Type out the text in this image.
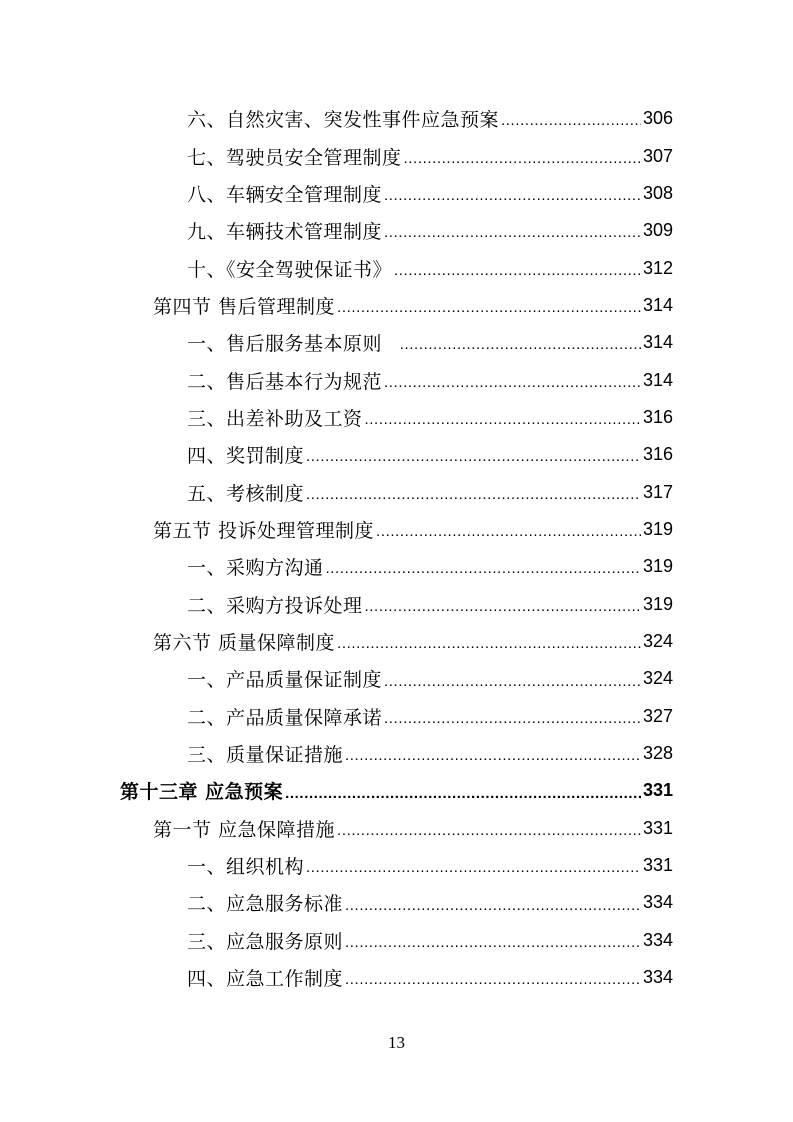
六、自然灾害、突发性事件应急预案 .....	306
七、驾驶员安全管理制度 .....	307
八、车辆安全管理制度 .....	308
九、车辆技术管理制度 .....	309
十、《安全驾驶保证书》 .....	312
第四节 售后管理制度 .....	314
一、售后服务基本原则 .....	314
二、售后基本行为规范 .....	314
三、出差补助及工资 .....	316
四、奖罚制度 .....	316
五、考核制度 .....	317
第五节 投诉处理管理制度 .....	319
一、采购方沟通 .....	319
二、采购方投诉处理 .....	319
第六节 质量保障制度 .....	324
一、产品质量保证制度 .....	324
二、产品质量保障承诺 .....	327
三、质量保证措施 .....	328
第十三章 应急预案 .....	331
第一节 应急保障措施 .....	331
一、组织机构 .....	331
二、应急服务标准 .....	334
三、应急服务原则 .....	334
四、应急工作制度 .....	334
13
